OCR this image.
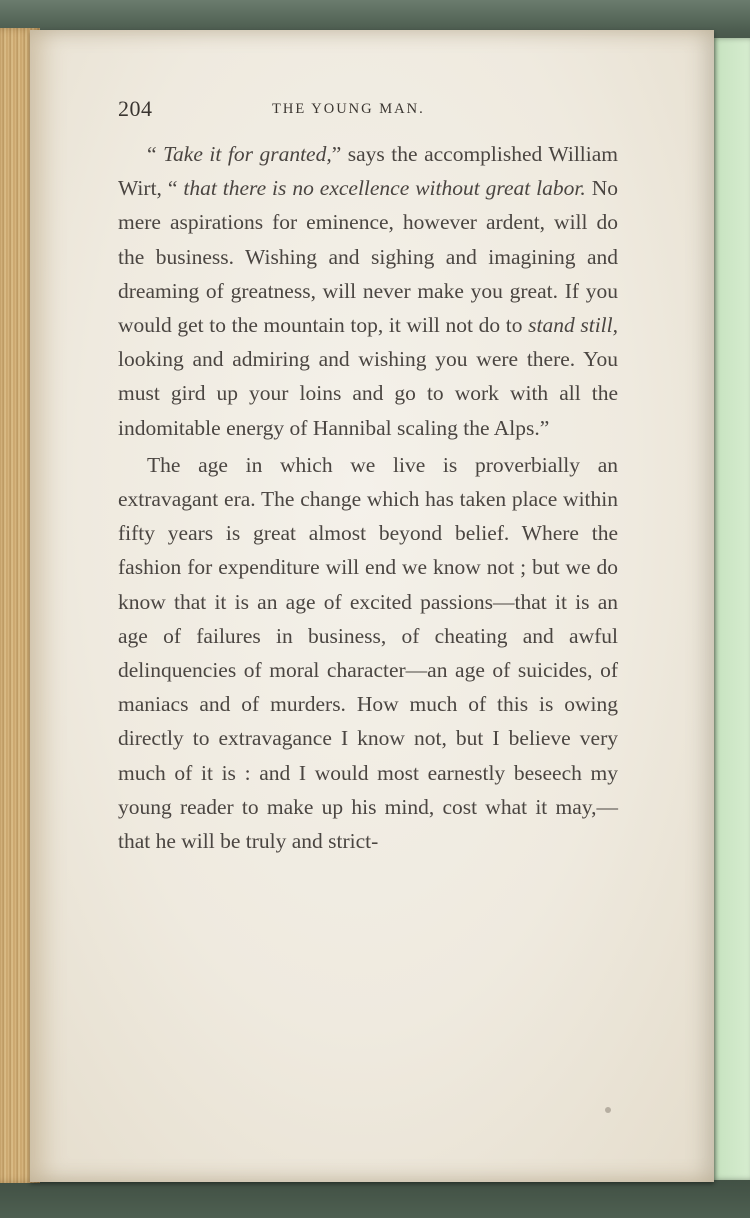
204	THE YOUNG MAN.

“ Take it for granted,” says the accomplished William Wirt, “ that there is no excellence without great labor. No mere aspirations for eminence, however ardent, will do the business. Wishing and sighing and imagining and dreaming of greatness, will never make you great. If you would get to the mountain top, it will not do to stand still, looking and admiring and wishing you were there. You must gird up your loins and go to work with all the indomitable energy of Hannibal scaling the Alps.”

The age in which we live is proverbially an extravagant era. The change which has taken place within fifty years is great almost beyond belief. Where the fashion for expenditure will end we know not ; but we do know that it is an age of excited passions—that it is an age of failures in business, of cheating and awful delinquencies of moral character—an age of suicides, of maniacs and of murders. How much of this is owing directly to extravagance I know not, but I believe very much of it is : and I would most earnestly beseech my young reader to make up his mind, cost what it may,—that he will be truly and strict-
